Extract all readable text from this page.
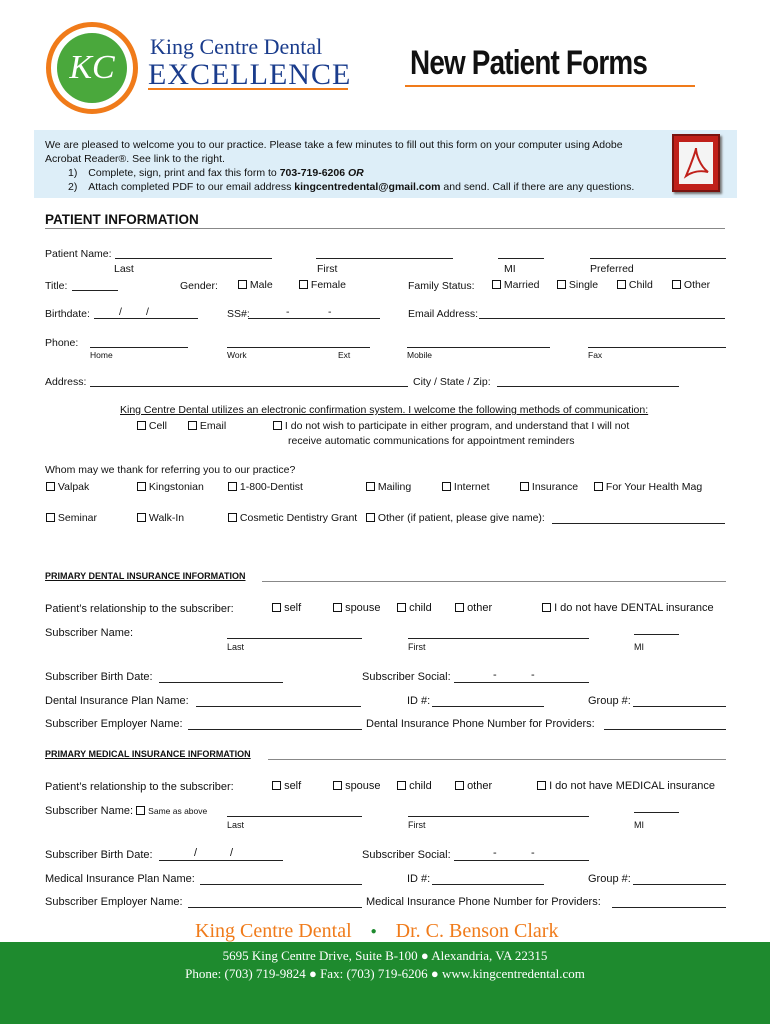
KC
King Centre Dental
EXCELLENCE New Patient Forms
We are pleased to welcome you to our practice. Please take a few minutes to fill out this form on your computer using Adobe
Acrobat Reader®. See link to the right.
1) Complete, sign, print and fax this form to 703-719-6206 OR
2) Attach completed PDF to our email address kingcentredental@gmail.com and send. Call if there are any questions.
PATIENT INFORMATION
Patient Name:
Last	First	MI	Preferred
Title:	Gender:	Male	Female	Family Status:	Married	Single	Child	Other
Birthdate:	/ /	SS#:	-	-	Email Address:
Phone:
Home	Work	Ext	Mobile	Fax
Address:	City / State / Zip:
King Centre Dental utilizes an electronic confirmation system. I welcome the following methods of communication:
Cell	Email	I do not wish to participate in either program, and understand that I will not
receive automatic communications for appointment reminders
Whom may we thank for referring you to our practice?
Valpak	Kingstonian	1-800-Dentist	Mailing	Internet	Insurance	For Your Health Mag
Seminar	Walk-In	Cosmetic Dentistry Grant	Other (if patient, please give name):
PRIMARY DENTAL INSURANCE INFORMATION
Patient’s relationship to the subscriber:	self	spouse	child	other	I do not have DENTAL insurance
Subscriber Name:
Last	First	MI
Subscriber Birth Date:	Subscriber Social:	-	-
Dental Insurance Plan Name:	ID #:	Group #:
Subscriber Employer Name:	Dental Insurance Phone Number for Providers:
PRIMARY MEDICAL INSURANCE INFORMATION
Patient’s relationship to the subscriber:	self	spouse	child	other	I do not have MEDICAL insurance
Subscriber Name: Same as above
Last	First	MI
Subscriber Birth Date:	/	/	Subscriber Social:	-	-
Medical Insurance Plan Name:	ID #:	Group #:
Subscriber Employer Name:	Medical Insurance Phone Number for Providers:
King Centre Dental ● Dr. C. Benson Clark
5695 King Centre Drive, Suite B-100 ● Alexandria, VA 22315
Phone: (703) 719-9824 ● Fax: (703) 719-6206 ● www.kingcentredental.com
